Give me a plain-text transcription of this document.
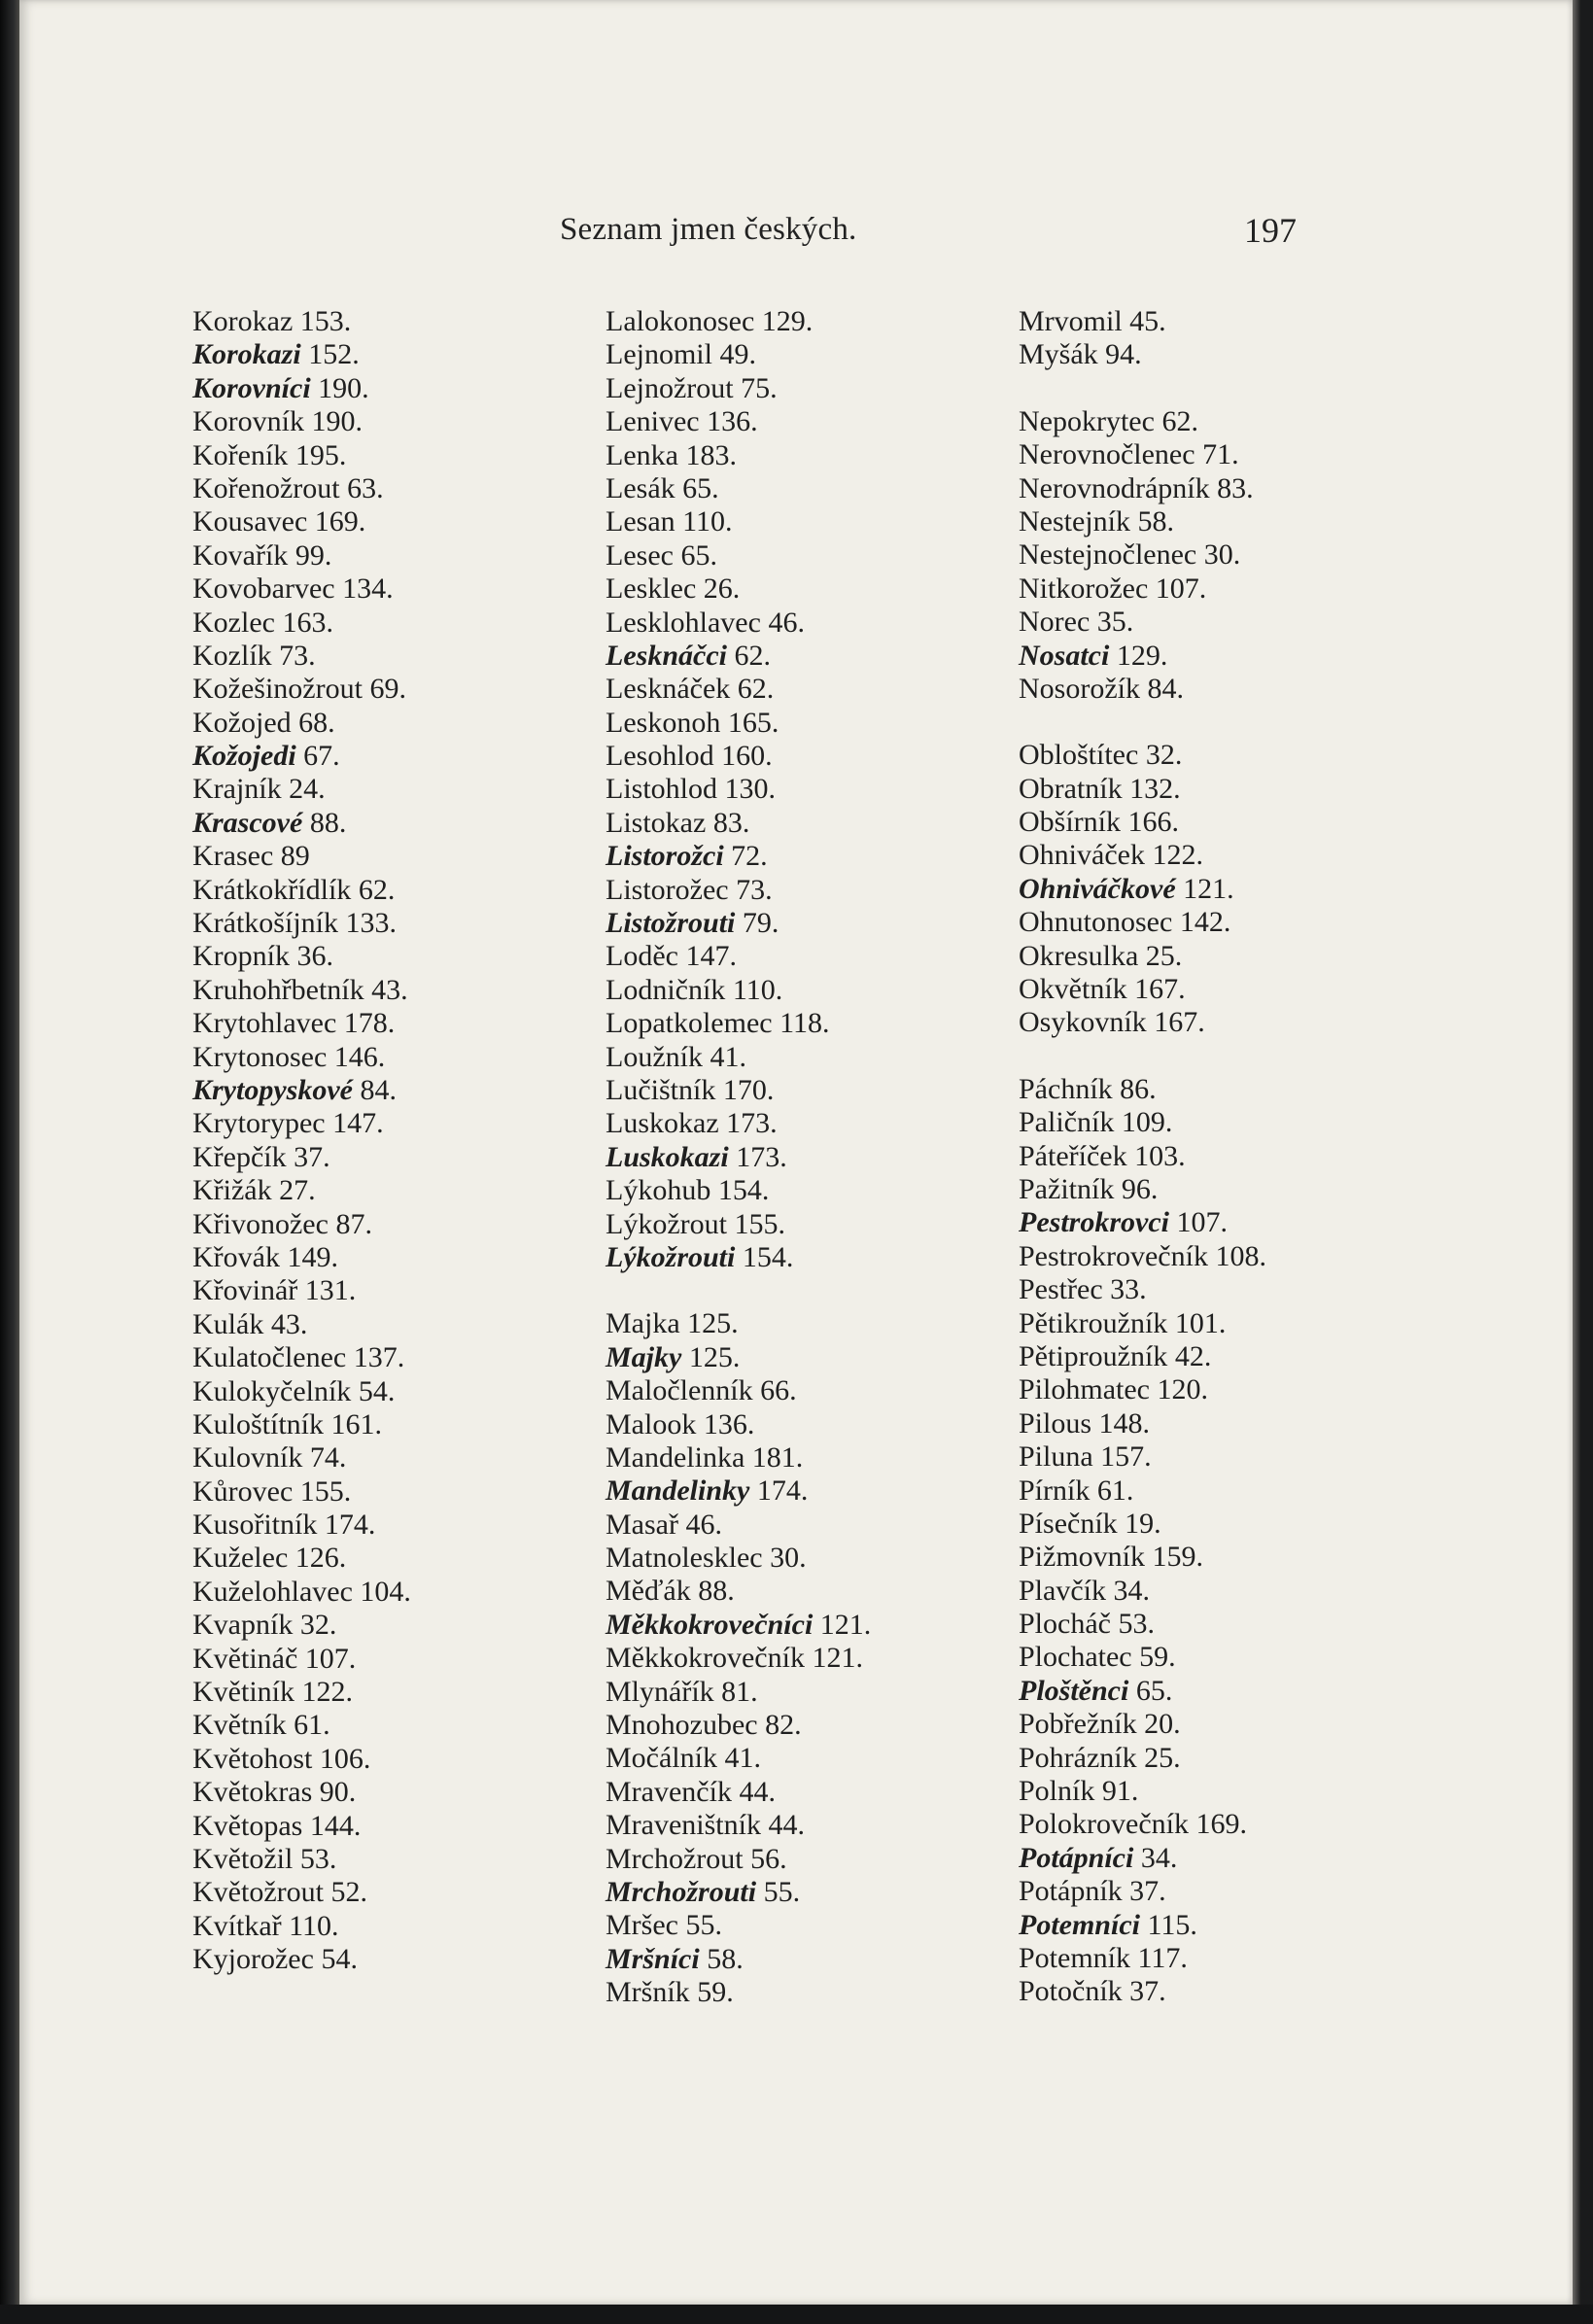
Seznam jmen českých.	197
Korokaz 153.
Korokazi 152.
Korovníci 190.
Korovník 190.
Kořeník 195.
Kořenožrout 63.
Kousavec 169.
Kovařík 99.
Kovobarvec 134.
Kozlec 163.
Kozlík 73.
Kožešinožrout 69.
Kožojed 68.
Kožojedi 67.
Krajník 24.
Krascové 88.
Krasec 89
Krátkokřídlík 62.
Krátkošíjník 133.
Kropník 36.
Kruhohřbetník 43.
Krytohlavec 178.
Krytonosec 146.
Krytopyskové 84.
Krytorypec 147.
Křepčík 37.
Křižák 27.
Křivonožec 87.
Křovák 149.
Křovinář 131.
Kulák 43.
Kulatočlenec 137.
Kulokyčelník 54.
Kuloštítník 161.
Kulovník 74.
Kůrovec 155.
Kusořitník 174.
Kuželec 126.
Kuželohlavec 104.
Kvapník 32.
Květináč 107.
Květiník 122.
Květník 61.
Květohost 106.
Květokras 90.
Květopas 144.
Květožil 53.
Květožrout 52.
Kvítkař 110.
Kyjorožec 54.
Lalokonosec 129.
Lejnomil 49.
Lejnožrout 75.
Lenivec 136.
Lenka 183.
Lesák 65.
Lesan 110.
Lesec 65.
Lesklec 26.
Lesklohlavec 46.
Lesknáčci 62.
Lesknáček 62.
Leskonoh 165.
Lesohlod 160.
Listohlod 130.
Listokaz 83.
Listorožci 72.
Listorožec 73.
Listožrouti 79.
Loděc 147.
Lodničník 110.
Lopatkolemec 118.
Loužník 41.
Lučištník 170.
Luskokaz 173.
Luskokazi 173.
Lýkohub 154.
Lýkožrout 155.
Lýkožrouti 154.
Majka 125.
Majky 125.
Maločlenník 66.
Malook 136.
Mandelinka 181.
Mandelinky 174.
Masař 46.
Matnolesklec 30.
Měďák 88.
Měkkokrovečníci 121.
Měkkokrovečník 121.
Mlynářík 81.
Mnohozubec 82.
Močálník 41.
Mravenčík 44.
Mraveništník 44.
Mrchožrout 56.
Mrchožrouti 55.
Mršec 55.
Mršníci 58.
Mršník 59.
Mrvomil 45.
Myšák 94.
Nepokrytec 62.
Nerovnočlenec 71.
Nerovnodrápník 83.
Nestejník 58.
Nestejnočlenec 30.
Nitkorožec 107.
Norec 35.
Nosatci 129.
Nosorožík 84.
Obloštítec 32.
Obratník 132.
Obšírník 166.
Ohniváček 122.
Ohniváčkové 121.
Ohnutonosec 142.
Okresulka 25.
Okvětník 167.
Osykovník 167.
Páchník 86.
Paličník 109.
Páteříček 103.
Pažitník 96.
Pestrokrovci 107.
Pestrokrovečník 108.
Pestřec 33.
Pětikroužník 101.
Pětiproužník 42.
Pilohmatec 120.
Pilous 148.
Piluna 157.
Pírník 61.
Písečník 19.
Pižmovník 159.
Plavčík 34.
Plocháč 53.
Plochatec 59.
Ploštěnci 65.
Pobřežník 20.
Pohrázník 25.
Polník 91.
Polokrovečník 169.
Potápníci 34.
Potápník 37.
Potemníci 115.
Potemník 117.
Potočník 37.
